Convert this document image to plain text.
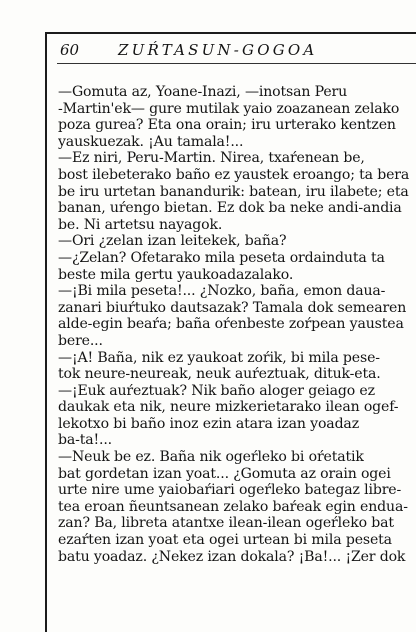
60	ZUŔTASUN-GOGOA
—Gomuta az, Yoane-Inazi, —inotsan Peru
-Martin'ek— gure mutilak yaio zoazanean zelako
poza gurea? Eta ona orain; iru urterako kentzen
yauskuezak. ¡Au tamala!...
—Ez niri, Peru-Martin. Nirea, txaŕenean be,
bost ilebeterako baño ez yaustek eroango; ta bera
be iru urtetan banandurik: batean, iru ilabete; eta
banan, uŕengo bietan. Ez dok ba neke andi-andia
be. Ni artetsu nayagok.
—Ori ¿zelan izan leitekek, baña?
—¿Zelan? Ofetarako mila peseta ordainduta ta
beste mila gertu yaukoadazalako.
—¡Bi mila peseta!... ¿Nozko, baña, emon daua-
zanari biuŕtuko dautsazak? Tamala dok semearen
alde-egin beaŕa; baña oŕenbeste zoŕpean yaustea
bere...
—¡A! Baña, nik ez yaukoat zoŕik, bi mila pese-
tok neure-neureak, neuk auŕeztuak, dituk-eta.
—¡Euk auŕeztuak? Nik baño aloger geiago ez
daukak eta nik, neure mizkerietarako ilean ogef-
lekotxo bi baño inoz ezin atara izan yoadaz
ba-ta!...
—Neuk be ez. Baña nik ogeŕleko bi oŕetatik
bat gordetan izan yoat... ¿Gomuta az orain ogei
urte nire ume yaiobaŕiari ogeŕleko bategaz libre-
tea eroan ñeuntsanean zelako baŕeak egin endua-
zan? Ba, libreta atantxe ilean-ilean ogeŕleko bat
ezaŕten izan yoat eta ogei urtean bi mila peseta
batu yoadaz. ¿Nekez izan dokala? ¡Ba!... ¡Zer dok
